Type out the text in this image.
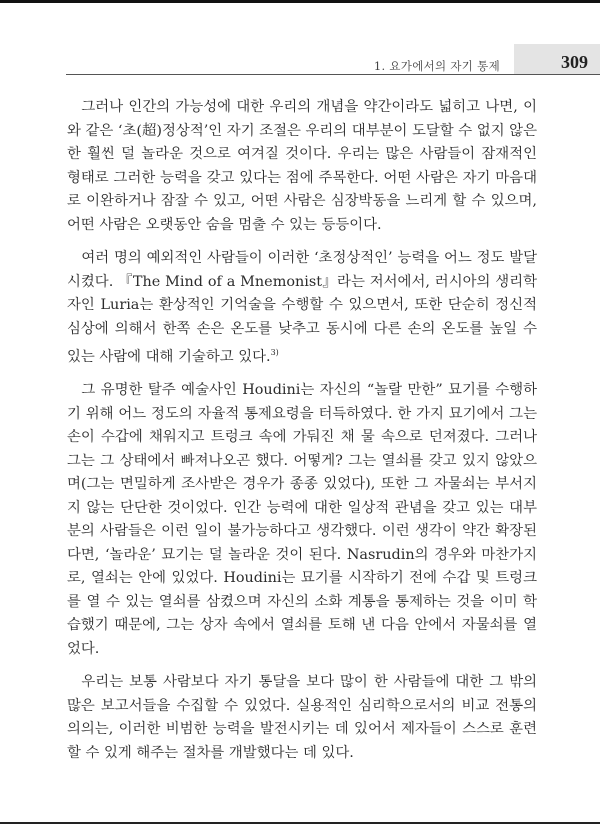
1. 요가에서의 자기 통제	309

그러나 인간의 가능성에 대한 우리의 개념을 약간이라도 넓히고 나면, 이와 같은 ‘초(超)정상적’인 자기 조절은 우리의 대부분이 도달할 수 없지 않은 한 훨씬 덜 놀라운 것으로 여겨질 것이다. 우리는 많은 사람들이 잠재적인 형태로 그러한 능력을 갖고 있다는 점에 주목한다. 어떤 사람은 자기 마음대로 이완하거나 잠잘 수 있고, 어떤 사람은 심장박동을 느리게 할 수 있으며, 어떤 사람은 오랫동안 숨을 멈출 수 있는 등등이다.

여러 명의 예외적인 사람들이 이러한 ‘초정상적인’ 능력을 어느 정도 발달시켰다. 『The Mind of a Mnemonist』라는 저서에서, 러시아의 생리학자인 Luria는 환상적인 기억술을 수행할 수 있으면서, 또한 단순히 정신적 심상에 의해서 한쪽 손은 온도를 낮추고 동시에 다른 손의 온도를 높일 수 있는 사람에 대해 기술하고 있다.$^{3)}$

그 유명한 탈주 예술사인 Houdini는 자신의 “놀랄 만한” 묘기를 수행하기 위해 어느 정도의 자율적 통제요령을 터득하였다. 한 가지 묘기에서 그는 손이 수갑에 채워지고 트렁크 속에 가둬진 채 물 속으로 던져졌다. 그러나 그는 그 상태에서 빠져나오곤 했다. 어떻게? 그는 열쇠를 갖고 있지 않았으며(그는 면밀하게 조사받은 경우가 종종 있었다), 또한 그 자물쇠는 부서지지 않는 단단한 것이었다. 인간 능력에 대한 일상적 관념을 갖고 있는 대부분의 사람들은 이런 일이 불가능하다고 생각했다. 이런 생각이 약간 확장된다면, ‘놀라운’ 묘기는 덜 놀라운 것이 된다. Nasrudin의 경우와 마찬가지로, 열쇠는 안에 있었다. Houdini는 묘기를 시작하기 전에 수갑 및 트렁크를 열 수 있는 열쇠를 삼켰으며 자신의 소화 계통을 통제하는 것을 이미 학습했기 때문에, 그는 상자 속에서 열쇠를 토해 낸 다음 안에서 자물쇠를 열었다.

우리는 보통 사람보다 자기 통달을 보다 많이 한 사람들에 대한 그 밖의 많은 보고서들을 수집할 수 있었다. 실용적인 심리학으로서의 비교 전통의 의의는, 이러한 비범한 능력을 발전시키는 데 있어서 제자들이 스스로 훈련할 수 있게 해주는 절차를 개발했다는 데 있다.
